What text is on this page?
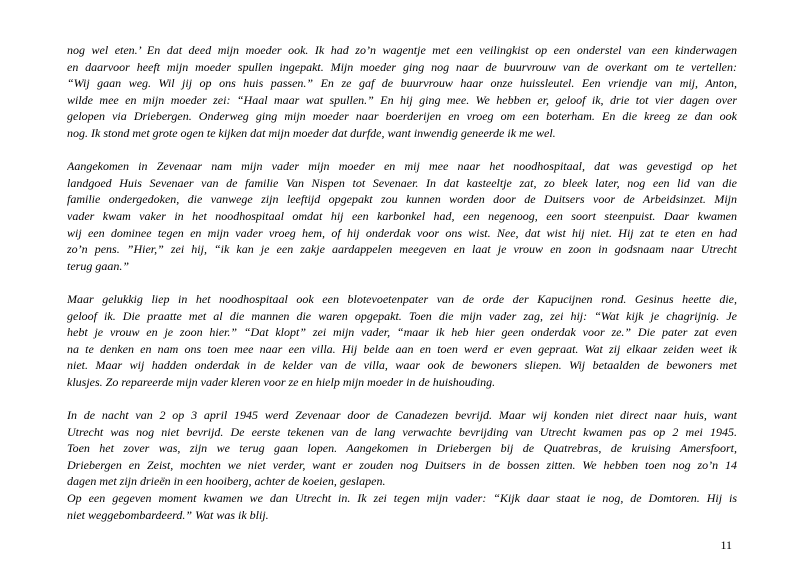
nog wel eten.’ En dat deed mijn moeder ook. Ik had zo’n wagentje met een veilingkist op een onderstel van een kinderwagen
en daarvoor heeft mijn moeder spullen ingepakt. Mijn moeder ging nog naar de buurvrouw van de overkant om te vertellen:
“Wij gaan weg. Wil jij op ons huis passen.” En ze gaf de buurvrouw haar onze huissleutel. Een vriendje van mij, Anton,
wilde mee en mijn moeder zei: “Haal maar wat spullen.” En hij ging mee. We hebben er, geloof ik, drie tot vier dagen over
gelopen via Driebergen. Onderweg ging mijn moeder naar boerderijen en vroeg om een boterham. En die kreeg ze dan ook
nog. Ik stond met grote ogen te kijken dat mijn moeder dat durfde, want inwendig geneerde ik me wel.
Aangekomen in Zevenaar nam mijn vader mijn moeder en mij mee naar het noodhospitaal, dat was gevestigd op het
landgoed Huis Sevenaer van de familie Van Nispen tot Sevenaer. In dat kasteeltje zat, zo bleek later, nog een lid van die
familie ondergedoken, die vanwege zijn leeftijd opgepakt zou kunnen worden door de Duitsers voor de Arbeidsinzet. Mijn
vader kwam vaker in het noodhospitaal omdat hij een karbonkel had, een negenoog, een soort steenpuist. Daar kwamen
wij een dominee tegen en mijn vader vroeg hem, of hij onderdak voor ons wist. Nee, dat wist hij niet. Hij zat te eten en had
zo’n pens. ”Hier,” zei hij, “ik kan je een zakje aardappelen meegeven en laat je vrouw en zoon in godsnaam naar Utrecht
terug gaan.”
Maar gelukkig liep in het noodhospitaal ook een blotevoetenpater van de orde der Kapucijnen rond. Gesinus heette die,
geloof ik. Die praatte met al die mannen die waren opgepakt. Toen die mijn vader zag, zei hij: “Wat kijk je chagrijnig. Je
hebt je vrouw en je zoon hier.” “Dat klopt” zei mijn vader, “maar ik heb hier geen onderdak voor ze.” Die pater zat even
na te denken en nam ons toen mee naar een villa. Hij belde aan en toen werd er even gepraat. Wat zij elkaar zeiden weet ik
niet. Maar wij hadden onderdak in de kelder van de villa, waar ook de bewoners sliepen. Wij betaalden de bewoners met
klusjes. Zo repareerde mijn vader kleren voor ze en hielp mijn moeder in de huishouding.
In de nacht van 2 op 3 april 1945 werd Zevenaar door de Canadezen bevrijd. Maar wij konden niet direct naar huis, want
Utrecht was nog niet bevrijd. De eerste tekenen van de lang verwachte bevrijding van Utrecht kwamen pas op 2 mei 1945.
Toen het zover was, zijn we terug gaan lopen. Aangekomen in Driebergen bij de Quatrebras, de kruising Amersfoort,
Driebergen en Zeist, mochten we niet verder, want er zouden nog Duitsers in de bossen zitten. We hebben toen nog zo’n 14
dagen met zijn drieën in een hooiberg, achter de koeien, geslapen.
Op een gegeven moment kwamen we dan Utrecht in. Ik zei tegen mijn vader: “Kijk daar staat ie nog, de Domtoren. Hij is
niet weggebombardeerd.” Wat was ik blij.
11
